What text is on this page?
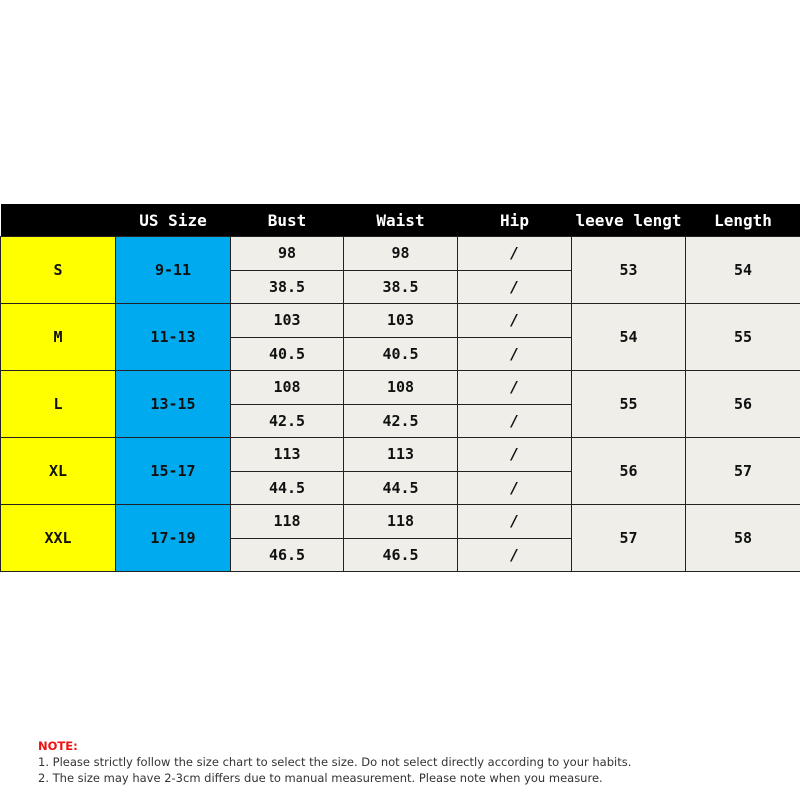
	US Size	Bust	Waist	Hip	leeve lengt	Length
S	9-11	98	98	/	53	54
		38.5	38.5	/		
M	11-13	103	103	/	54	55
		40.5	40.5	/		
L	13-15	108	108	/	55	56
		42.5	42.5	/		
XL	15-17	113	113	/	56	57
		44.5	44.5	/		
XXL	17-19	118	118	/	57	58
		46.5	46.5	/		
NOTE:
1. Please strictly follow the size chart to select the size. Do not select directly according to your habits.
2. The size may have 2-3cm differs due to manual measurement. Please note when you measure.
